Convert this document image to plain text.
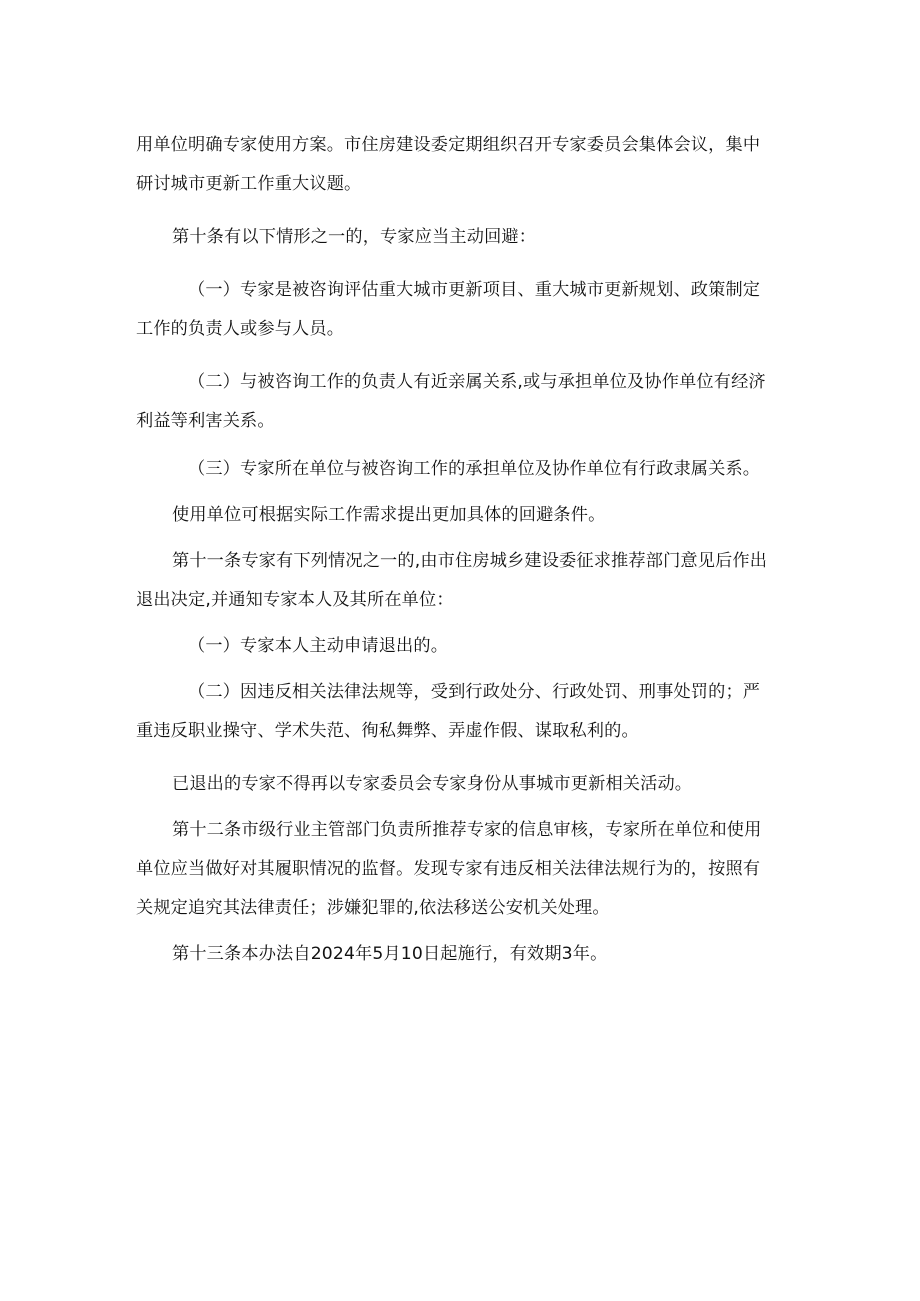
用单位明确专家使用方案。市住房建设委定期组织召开专家委员会集体会议，集中研讨城市更新工作重大议题。

第十条有以下情形之一的，专家应当主动回避：

（一）专家是被咨询评估重大城市更新项目、重大城市更新规划、政策制定工作的负责人或参与人员。

（二）与被咨询工作的负责人有近亲属关系,或与承担单位及协作单位有经济利益等利害关系。

（三）专家所在单位与被咨询工作的承担单位及协作单位有行政隶属关系。

使用单位可根据实际工作需求提出更加具体的回避条件。

第十一条专家有下列情况之一的,由市住房城乡建设委征求推荐部门意见后作出退出决定,并通知专家本人及其所在单位：

（一）专家本人主动申请退出的。

（二）因违反相关法律法规等，受到行政处分、行政处罚、刑事处罚的；严重违反职业操守、学术失范、徇私舞弊、弄虚作假、谋取私利的。

已退出的专家不得再以专家委员会专家身份从事城市更新相关活动。

第十二条市级行业主管部门负责所推荐专家的信息审核，专家所在单位和使用单位应当做好对其履职情况的监督。发现专家有违反相关法律法规行为的，按照有关规定追究其法律责任；涉嫌犯罪的,依法移送公安机关处理。

第十三条本办法自2024年5月10日起施行，有效期3年。
